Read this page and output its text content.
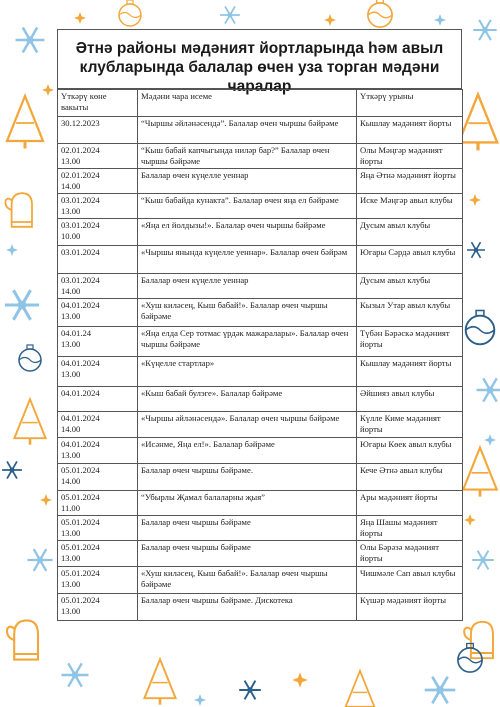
Әтнә районы мәдәният йортларында һәм авыл клубларында балалар өчен уза торган мәдәни чаралар
Үткәрү көне вакыты	Мәдәни чара исеме	Үткәрү урыны

30.12.2023	“Чыршы әйләнәсендә”. Балалар өчен чыршы бәйрәме	Кышлау мәдәният йорты

02.01.2024
13.00	“Кыш бабай капчыгында ниләр бар?” Балалар өчен чыршы бәйрәме	Олы Мәңгәр мәдәният йорты

02.01.2024
14.00	Балалар өчен күңелле уеннар	Яңа Әтнә мәдәният йорты

03.01.2024
13.00	“Кыш бабайда кунакта”. Балалар өчен яңа ел бәйрәме	Иске Мәңгәр авыл клубы

03.01.2024
10.00	«Яңа ел йолдызы!». Балалар өчен чыршы бәйрәме	Дусым авыл клубы

03.01.2024	«Чыршы янында күңелле уеннар». Балалар өчен бәйрәм	Югары Сәрдә авыл клубы

03.01.2024
14.00	Балалар өчен күңелле уеннар	Дусым авыл клубы

04.01.2024
13.00	«Хуш киләсең, Кыш бабай!». Балалар өчен чыршы бәйрәме	Кызыл Утар авыл клубы

04.01.24
13.00	«Яңа елда Сер тотмас үрдәк мажаралары». Балалар өчен чыршы бәйрәме	Түбән Бәрәскә мәдәният йорты

04.01.2024
13.00	«Күңелле стартлар»	Кышлау мәдәният йорты

04.01.2024	«Кыш бабай булэге». Балалар бәйрәме	Әйшияз авыл клубы

04.01.2024
14.00	«Чыршы әйләнәсендә». Балалар өчен чыршы бәйрәме	Күлле Киме мәдәният йорты

04.01.2024
13.00	«Исәнме, Яңа ел!». Балалар бәйрәме	Югары Көек авыл клубы

05.01.2024
14.00	Балалар өчен чыршы бәйрәме.	Кече Әтнә авыл клубы

05.01.2024
11.00	“Убырлы Җамал балаларны җыя”	Ары мәдәният йорты

05.01.2024
13.00	Балалар өчен чыршы бәйрәме	Яңа Шашы мәдәният йорты

05.01.2024
13.00	Балалар өчен чыршы бәйрәме	Олы Бәрәзә мәдәният йорты

05.01.2024
13.00	«Хуш киләсең, Кыш бабай!». Балалар өчен чыршы бәйрәме	Чишмәле Сап авыл клубы

05.01.2024
13.00	Балалар өчен чыршы бәйрәме. Дискотека	Күшәр мәдәният йорты
